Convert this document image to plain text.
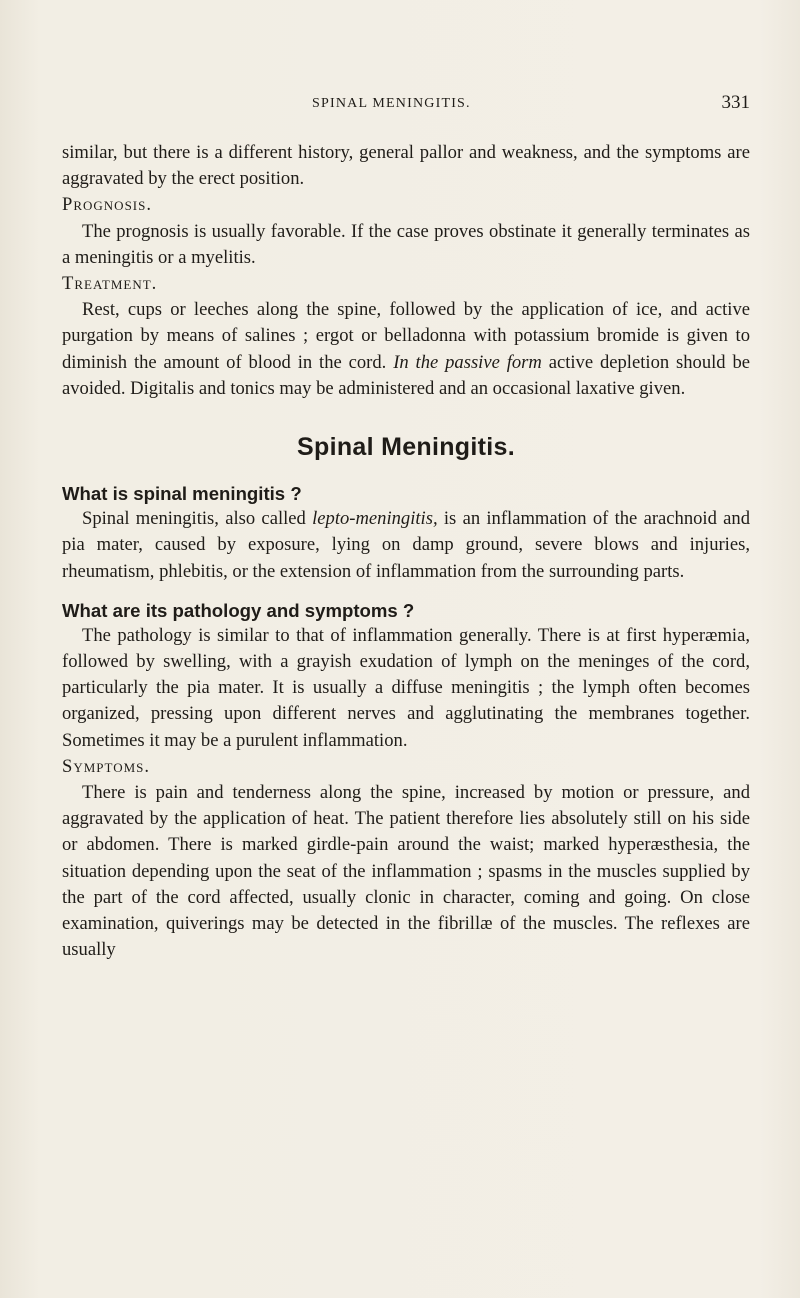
SPINAL MENINGITIS.	331

similar, but there is a different history, general pallor and weakness, and the symptoms are aggravated by the erect position.

Prognosis.

The prognosis is usually favorable. If the case proves obstinate it generally terminates as a meningitis or a myelitis.

Treatment.

Rest, cups or leeches along the spine, followed by the application of ice, and active purgation by means of salines ; ergot or belladonna with potassium bromide is given to diminish the amount of blood in the cord. In the passive form active depletion should be avoided. Digitalis and tonics may be administered and an occasional laxative given.

Spinal Meningitis.
What is spinal meningitis ?

Spinal meningitis, also called lepto-meningitis, is an inflammation of the arachnoid and pia mater, caused by exposure, lying on damp ground, severe blows and injuries, rheumatism, phlebitis, or the extension of inflammation from the surrounding parts.

What are its pathology and symptoms ?

The pathology is similar to that of inflammation generally. There is at first hyperæmia, followed by swelling, with a grayish exudation of lymph on the meninges of the cord, particularly the pia mater. It is usually a diffuse meningitis ; the lymph often becomes organized, pressing upon different nerves and agglutinating the membranes together. Sometimes it may be a purulent inflammation.

Symptoms.

There is pain and tenderness along the spine, increased by motion or pressure, and aggravated by the application of heat. The patient therefore lies absolutely still on his side or abdomen. There is marked girdle-pain around the waist; marked hyperæsthesia, the situation depending upon the seat of the inflammation ; spasms in the muscles supplied by the part of the cord affected, usually clonic in character, coming and going. On close examination, quiverings may be detected in the fibrillæ of the muscles. The reflexes are usually
